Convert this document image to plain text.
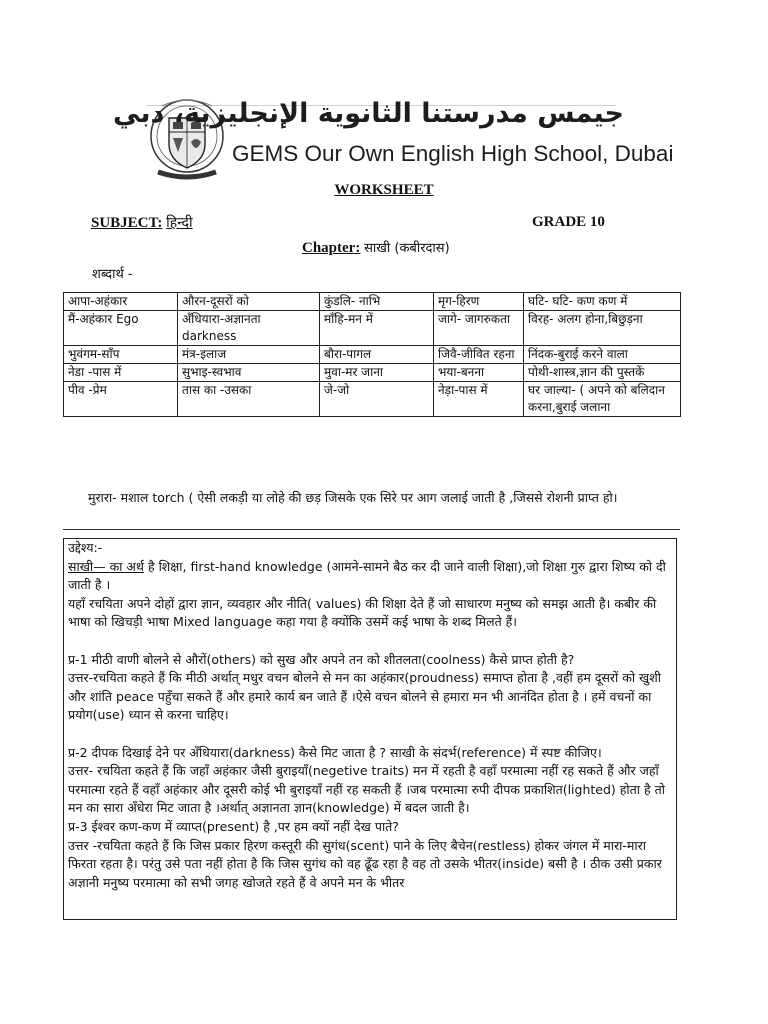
جيمس مدرستنا الثانوية الإنجليزية، دبي
GEMS Our Own English High School, Dubai
WORKSHEET
SUBJECT: हिन्दी	GRADE 10
Chapter: साखी (कबीरदास)
शब्दार्थ -
आपा-अहंकार	औरन-दूसरों को	कुंडलि- नाभि	मृग-हिरण	घटि- घटि- कण कण में
मैं-अहंकार Ego	अँधियारा-अज्ञानता darkness	माँहि-मन में	जागे- जागरुकता	विरह- अलग होना,बिछुड़ना
भुवंगम-साँप	मंत्र-इलाज	बौरा-पागल	जिवै-जीवित रहना	निंदक-बुराई करने वाला
नेडा -पास में	सुभाइ-स्वभाव	मुवा-मर जाना	भया-बनना	पोथी-शास्त्र,ज्ञान की पुस्तकें
पीव -प्रेम	तास का -उसका	जे-जो	नेड़ा-पास में	घर जाल्या- ( अपने को बलिदान करना,बुराई जलाना
मुरारा- मशाल torch ( ऐसी लकड़ी या लोहे की छड़ जिसके एक सिरे पर आग जलाई जाती है ,जिससे रोशनी प्राप्त हो।

उद्देश्य:-

साखी— का अर्थ है शिक्षा, first-hand knowledge (आमने-सामने बैठ कर दी जाने वाली शिक्षा),जो शिक्षा गुरु द्वारा शिष्य को दी जाती है ।

यहाँ रचयिता अपने दोहों द्वारा ज्ञान, व्यवहार और नीति( values) की शिक्षा देते हैं जो साधारण मनुष्य को समझ आती है। कबीर की भाषा को खिचड़ी भाषा Mixed language कहा गया है क्योंकि उसमें कई भाषा के शब्द मिलते हैं।

प्र-1 मीठी वाणी बोलने से औरों(others) को सुख और अपने तन को शीतलता(coolness) कैसे प्राप्त होती है?

उत्तर-रचयिता कहते हैं कि मीठी अर्थात् मधुर वचन बोलने से मन का अहंकार(proudness) समाप्त होता है ,वहीं हम दूसरों को खुशी और शांति peace पहुँचा सकते हैं और हमारे कार्य बन जाते हैं ।ऐसे वचन बोलने से हमारा मन भी आनंदित होता है । हमें वचनों का प्रयोग(use) ध्यान से करना चाहिए।

प्र-2 दीपक दिखाई देने पर अँधियारा(darkness) कैसे मिट जाता है ? साखी के संदर्भ(reference) में स्पष्ट कीजिए।

उत्तर- रचयिता कहते हैं कि जहाँ अहंकार जैसी बुराइयाँ(negetive traits) मन में रहती है वहाँ परमात्मा नहीं रह सकते हैं और जहाँ परमात्मा रहते हैं वहाँ अहंकार और दूसरी कोई भी बुराइयाँ नहीं रह सकती हैं ।जब परमात्मा रुपी दीपक प्रकाशित(lighted) होता है तो मन का सारा अँधेरा मिट जाता है ।अर्थात् अज्ञानता ज्ञान(knowledge) में बदल जाती है।

प्र-3 ईश्वर कण-कण में व्याप्त(present) है ,पर हम क्यों नहीं देख पाते?

उत्तर -रचयिता कहते हैं कि जिस प्रकार हिरण कस्तूरी की सुगंध(scent) पाने के लिए बैचेन(restless) होकर जंगल में मारा-मारा फिरता रहता है। परंतु उसे पता नहीं होता है कि जिस सुगंध को वह ढूँढ रहा है वह तो उसके भीतर(inside) बसी है । ठीक उसी प्रकार अज्ञानी मनुष्य परमात्मा को सभी जगह खोजते रहते हैं वे अपने मन के भीतर
